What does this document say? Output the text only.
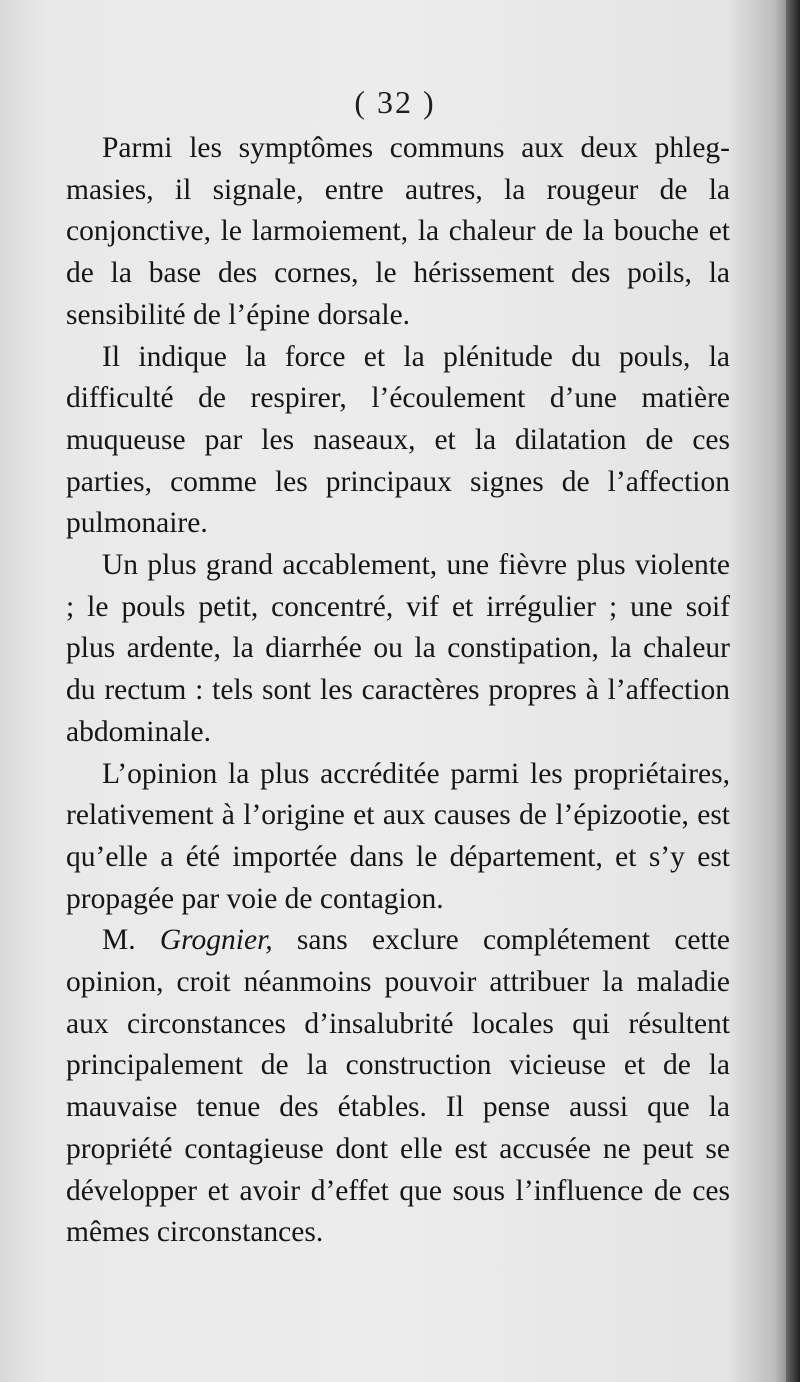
( 32 )

Parmi les symptômes communs aux deux phlegmasies, il signale, entre autres, la rougeur de la conjonctive, le larmoiement, la chaleur de la bouche et de la base des cornes, le hérissement des poils, la sensibilité de l’épine dorsale.

Il indique la force et la plénitude du pouls, la difficulté de respirer, l’écoulement d’une matière muqueuse par les naseaux, et la dilatation de ces parties, comme les principaux signes de l’affection pulmonaire.

Un plus grand accablement, une fièvre plus violente ; le pouls petit, concentré, vif et irrégulier ; une soif plus ardente, la diarrhée ou la constipation, la chaleur du rectum : tels sont les caractères propres à l’affection abdominale.

L’opinion la plus accréditée parmi les propriétaires, relativement à l’origine et aux causes de l’épizootie, est qu’elle a été importée dans le département, et s’y est propagée par voie de contagion.

M. Grognier, sans exclure complétement cette opinion, croit néanmoins pouvoir attribuer la maladie aux circonstances d’insalubrité locales qui résultent principalement de la construction vicieuse et de la mauvaise tenue des étables. Il pense aussi que la propriété contagieuse dont elle est accusée ne peut se développer et avoir d’effet que sous l’influence de ces mêmes circonstances.
